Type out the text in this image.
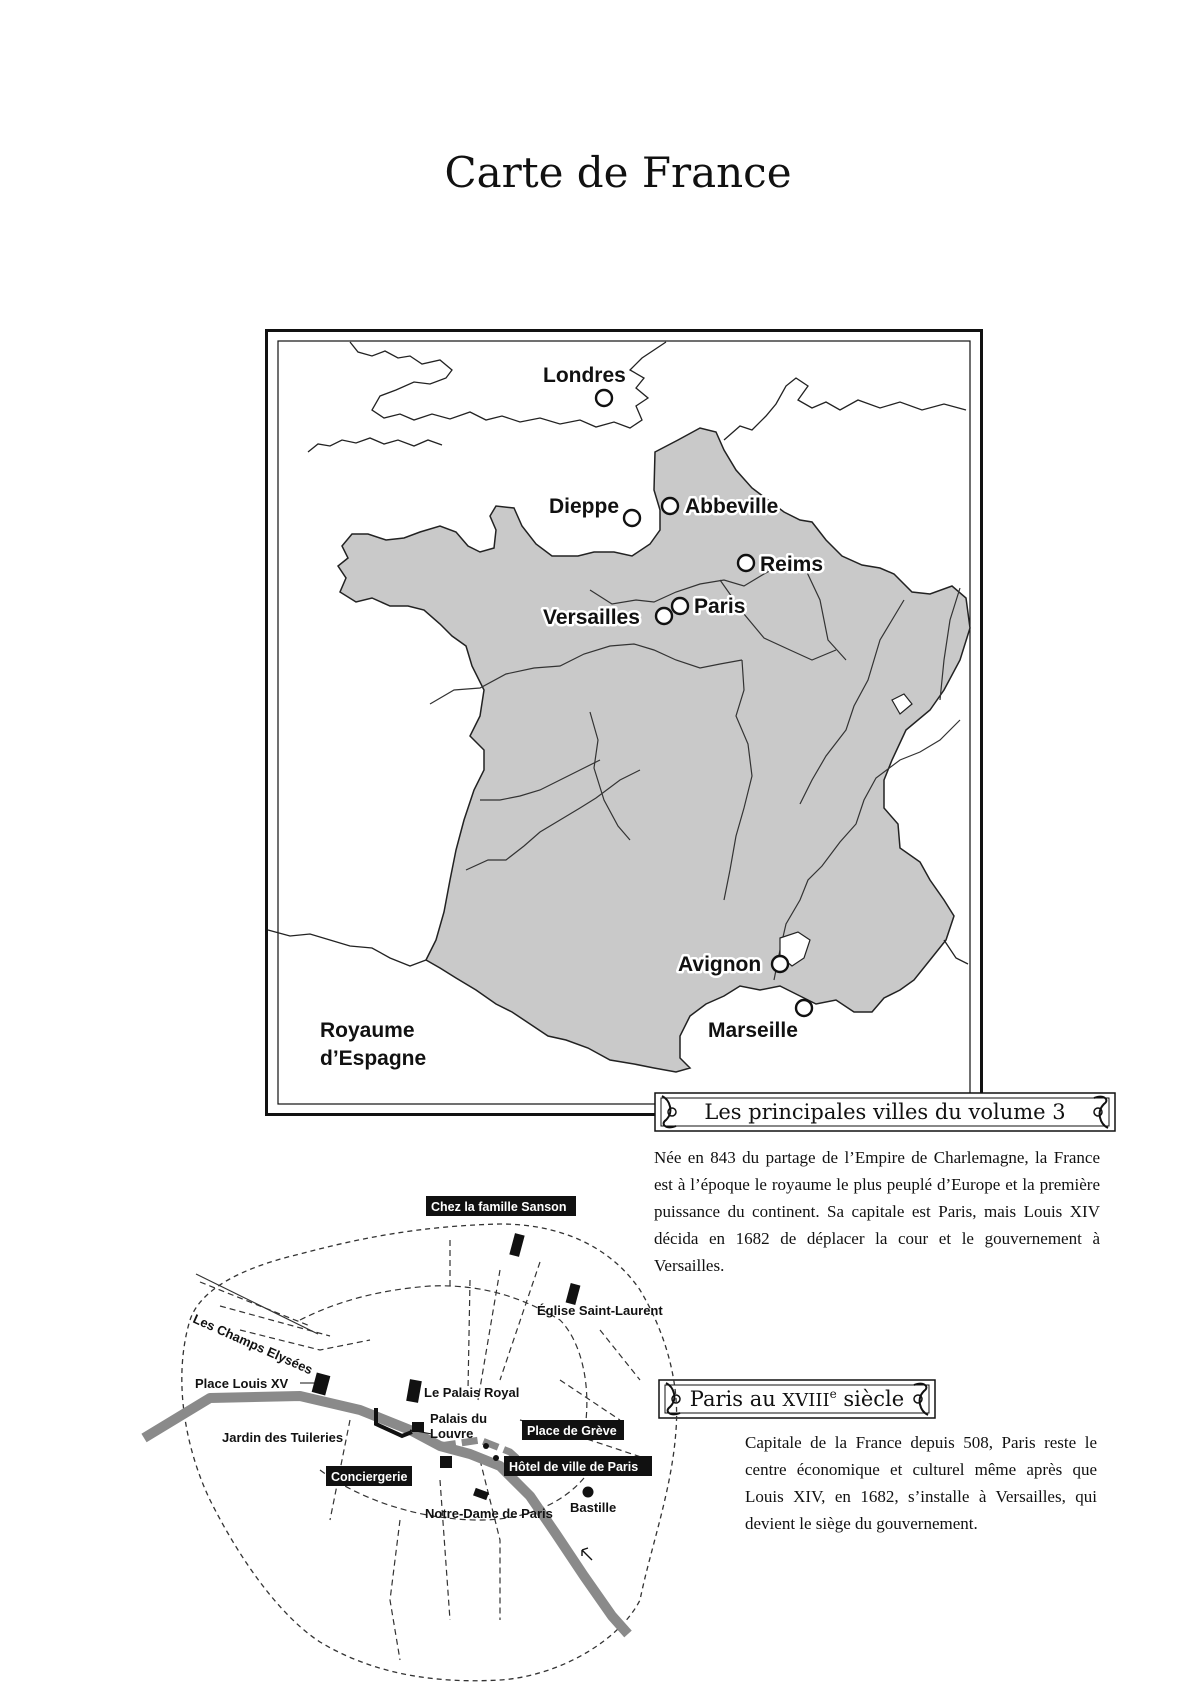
Carte de France
Londres
Dieppe	Abbeville
Reims
Paris
Versailles
Avignon
Marseille
Royaume
d’Espagne
Les principales villes du volume 3

Née en 843 du partage de l’Empire de Charlemagne, la France est à l’époque le royaume le plus peuplé d’Europe et la première puissance du continent. Sa capitale est Paris, mais Louis XIV décida en 1682 de déplacer la cour et le gouvernement à Versailles.

Paris au XVIIIe siècle

Capitale de la France depuis 508, Paris reste le centre économique et culturel même après que Louis XIV, en 1682, s’installe à Versailles, qui devient le siège du gouvernement.

Chez la famille Sanson
Place de Grève
Hôtel de ville de Paris
Conciergerie
Église Saint-Laurent
Les Champs Elysées
Place Louis XV
Le Palais Royal
Palais du
Louvre
Jardin des Tuileries
Notre-Dame de Paris Bastille
